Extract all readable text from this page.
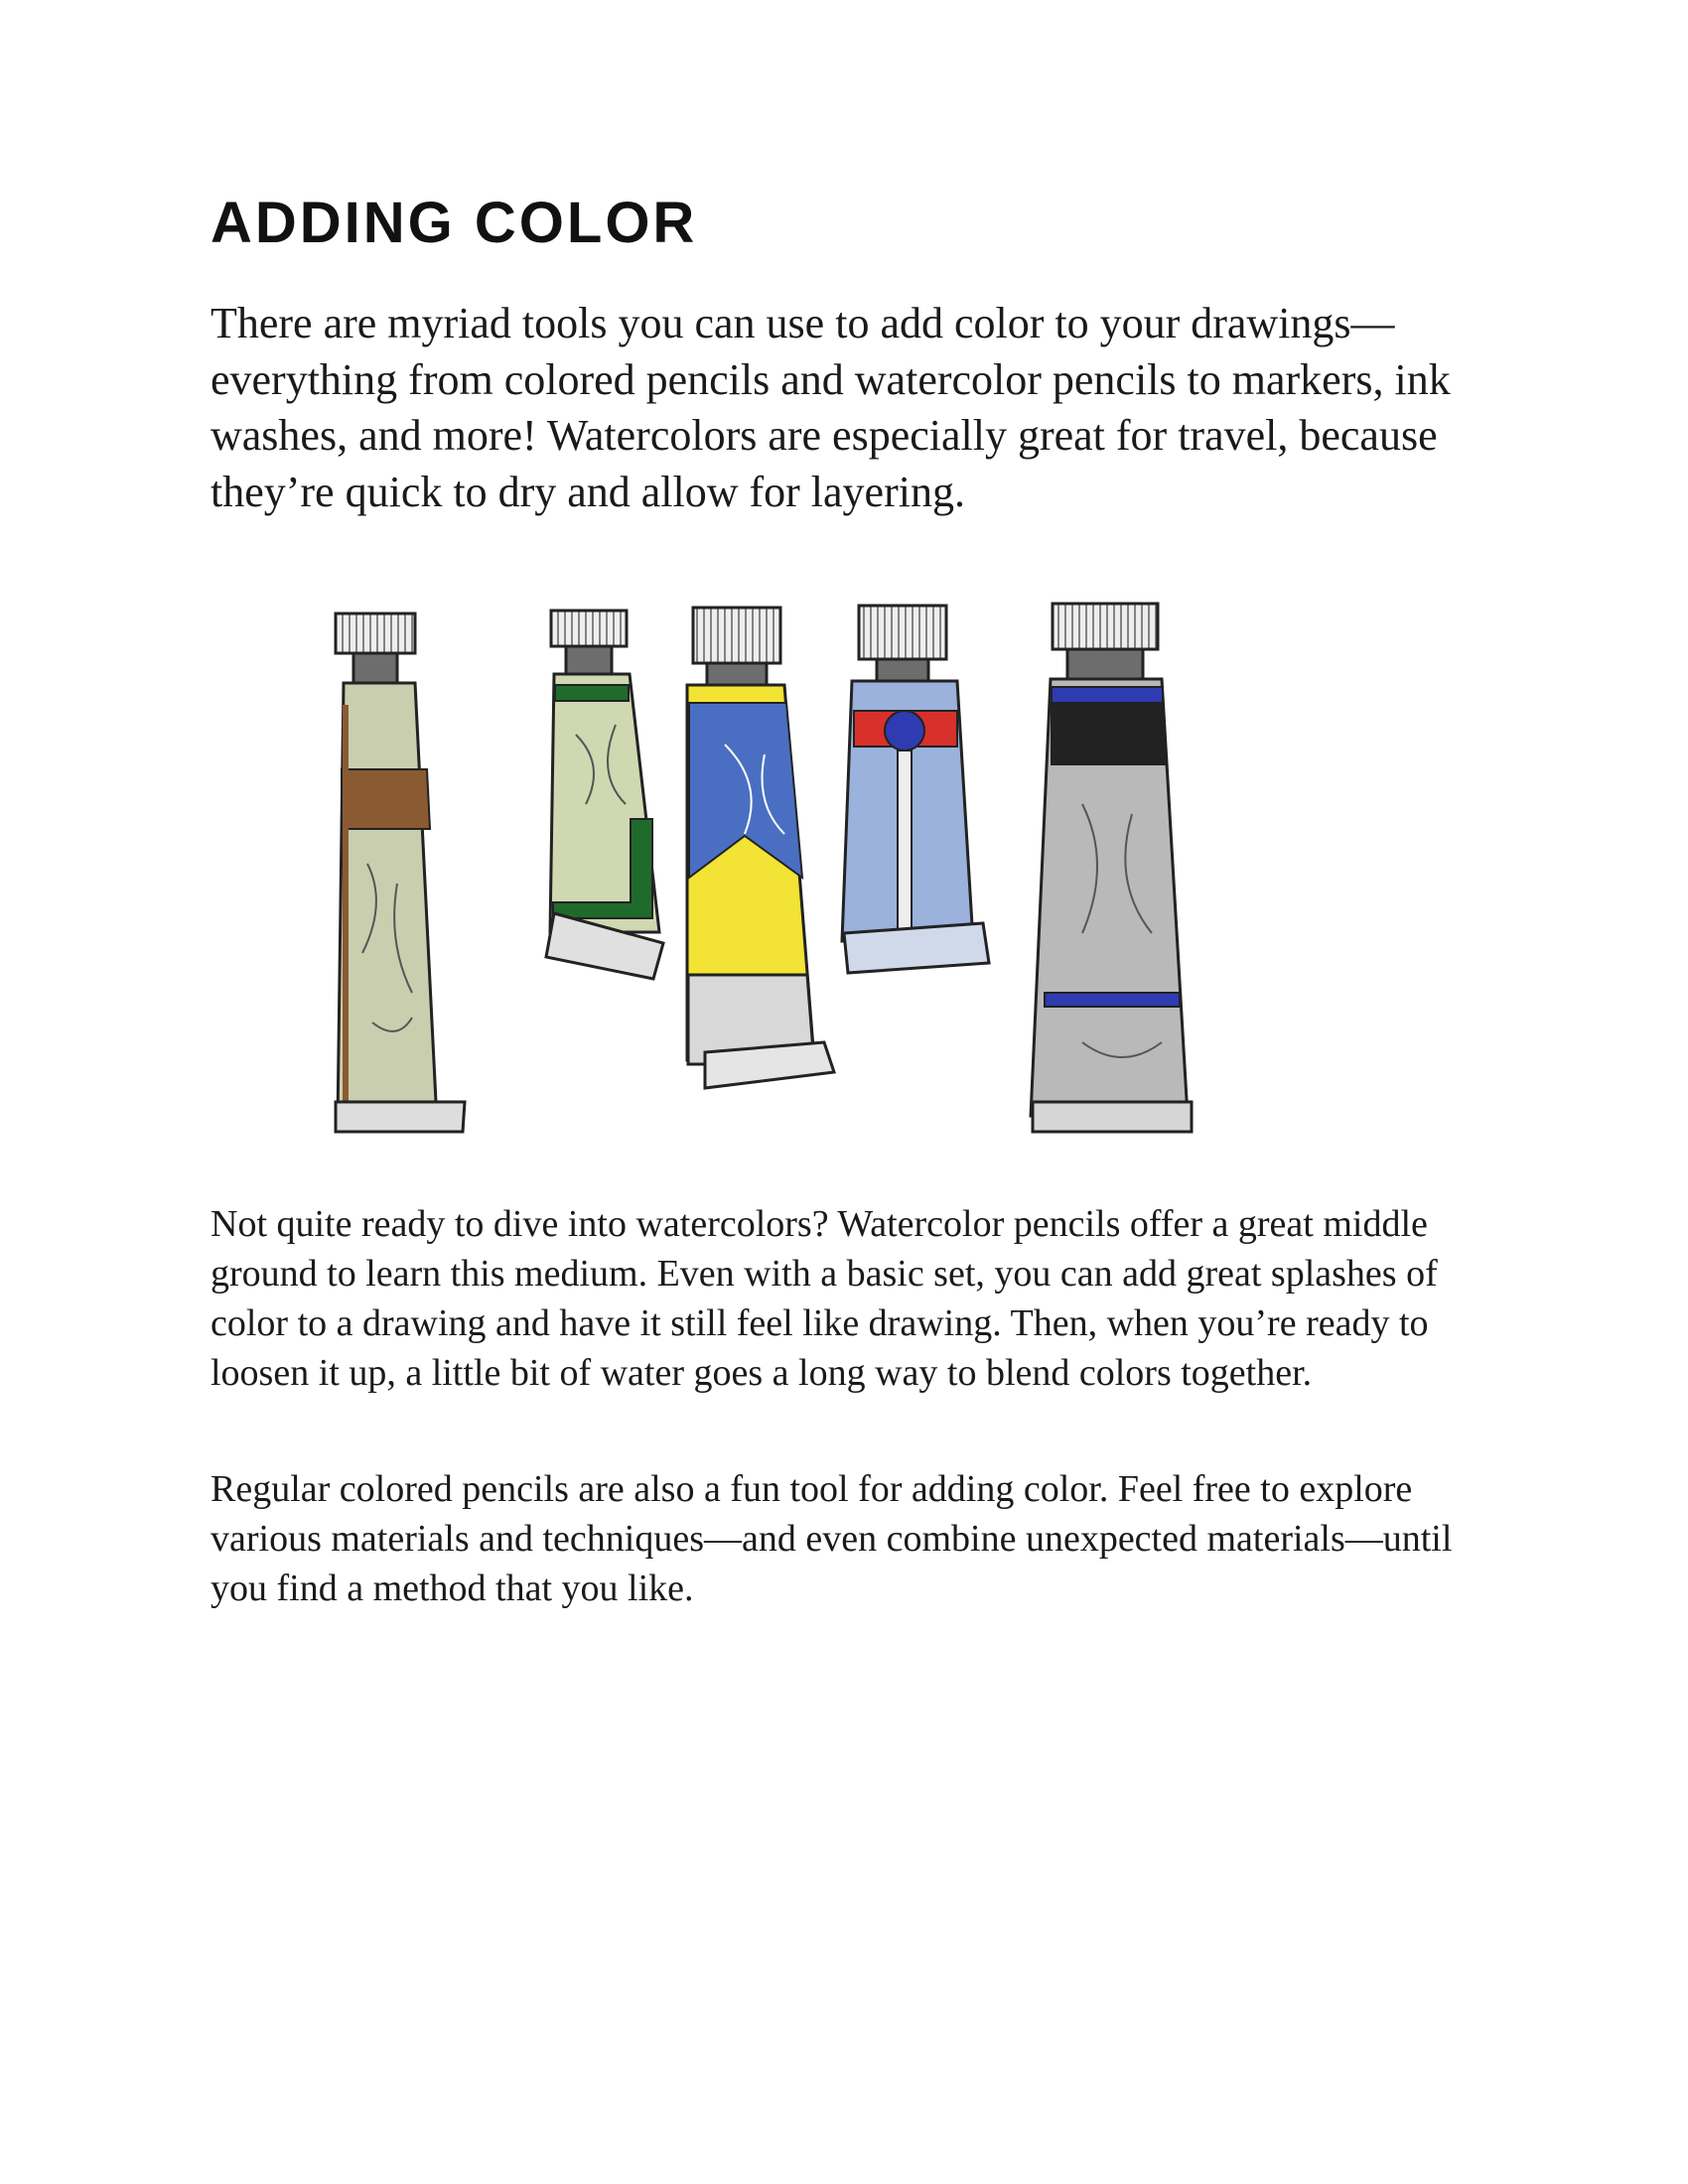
ADDING COLOR

There are myriad tools you can use to add color to your drawings—everything from colored pencils and watercolor pencils to markers, ink washes, and more! Watercolors are especially great for travel, because they’re quick to dry and allow for layering.

Not quite ready to dive into watercolors? Watercolor pencils offer a great middle ground to learn this medium. Even with a basic set, you can add great splashes of color to a drawing and have it still feel like drawing. Then, when you’re ready to loosen it up, a little bit of water goes a long way to blend colors together.

Regular colored pencils are also a fun tool for adding color. Feel free to explore various materials and techniques—and even combine unexpected materials—until you find a method that you like.
